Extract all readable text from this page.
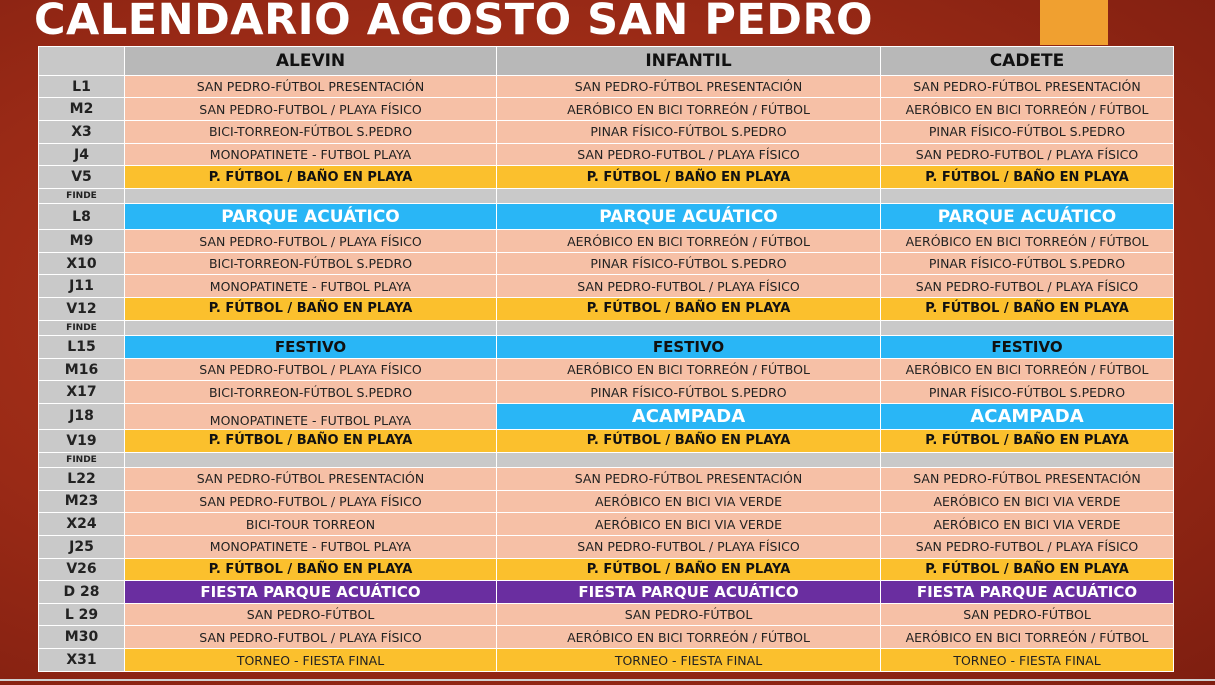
CALENDARIO AGOSTO SAN PEDRO
	ALEVIN	INFANTIL	CADETE
L1	SAN PEDRO-FÚTBOL PRESENTACIÓN	SAN PEDRO-FÚTBOL PRESENTACIÓN	SAN PEDRO-FÚTBOL PRESENTACIÓN
M2	SAN PEDRO-FUTBOL / PLAYA FÍSICO	AERÓBICO EN BICI TORREÓN / FÚTBOL	AERÓBICO EN BICI TORREÓN / FÚTBOL
X3	BICI-TORREON-FÚTBOL S.PEDRO	PINAR FÍSICO-FÚTBOL S.PEDRO	PINAR FÍSICO-FÚTBOL S.PEDRO
J4	MONOPATINETE - FUTBOL PLAYA	SAN PEDRO-FUTBOL / PLAYA FÍSICO	SAN PEDRO-FUTBOL / PLAYA FÍSICO
V5	P. FÚTBOL / BAÑO EN PLAYA	P. FÚTBOL / BAÑO EN PLAYA	P. FÚTBOL / BAÑO EN PLAYA
FINDE			
L8	PARQUE ACUÁTICO	PARQUE ACUÁTICO	PARQUE ACUÁTICO
M9	SAN PEDRO-FUTBOL / PLAYA FÍSICO	AERÓBICO EN BICI TORREÓN / FÚTBOL	AERÓBICO EN BICI TORREÓN / FÚTBOL
X10	BICI-TORREON-FÚTBOL S.PEDRO	PINAR FÍSICO-FÚTBOL S.PEDRO	PINAR FÍSICO-FÚTBOL S.PEDRO
J11	MONOPATINETE - FUTBOL PLAYA	SAN PEDRO-FUTBOL / PLAYA FÍSICO	SAN PEDRO-FUTBOL / PLAYA FÍSICO
V12	P. FÚTBOL / BAÑO EN PLAYA	P. FÚTBOL / BAÑO EN PLAYA	P. FÚTBOL / BAÑO EN PLAYA
FINDE			
L15	FESTIVO	FESTIVO	FESTIVO
M16	SAN PEDRO-FUTBOL / PLAYA FÍSICO	AERÓBICO EN BICI TORREÓN / FÚTBOL	AERÓBICO EN BICI TORREÓN / FÚTBOL
X17	BICI-TORREON-FÚTBOL S.PEDRO	PINAR FÍSICO-FÚTBOL S.PEDRO	PINAR FÍSICO-FÚTBOL S.PEDRO
J18	MONOPATINETE - FUTBOL PLAYA	ACAMPADA	ACAMPADA
V19	P. FÚTBOL / BAÑO EN PLAYA	P. FÚTBOL / BAÑO EN PLAYA	P. FÚTBOL / BAÑO EN PLAYA
FINDE			
L22	SAN PEDRO-FÚTBOL PRESENTACIÓN	SAN PEDRO-FÚTBOL PRESENTACIÓN	SAN PEDRO-FÚTBOL PRESENTACIÓN
M23	SAN PEDRO-FUTBOL / PLAYA FÍSICO	AERÓBICO EN BICI VIA VERDE	AERÓBICO EN BICI VIA VERDE
X24	BICI-TOUR TORREON	AERÓBICO EN BICI VIA VERDE	AERÓBICO EN BICI VIA VERDE
J25	MONOPATINETE - FUTBOL PLAYA	SAN PEDRO-FUTBOL / PLAYA FÍSICO	SAN PEDRO-FUTBOL / PLAYA FÍSICO
V26	P. FÚTBOL / BAÑO EN PLAYA	P. FÚTBOL / BAÑO EN PLAYA	P. FÚTBOL / BAÑO EN PLAYA
D 28	FIESTA PARQUE ACUÁTICO	FIESTA PARQUE ACUÁTICO	FIESTA PARQUE ACUÁTICO
L 29	SAN PEDRO-FÚTBOL	SAN PEDRO-FÚTBOL	SAN PEDRO-FÚTBOL
M30	SAN PEDRO-FUTBOL / PLAYA FÍSICO	AERÓBICO EN BICI TORREÓN / FÚTBOL	AERÓBICO EN BICI TORREÓN / FÚTBOL
X31	TORNEO - FIESTA FINAL	TORNEO - FIESTA FINAL	TORNEO - FIESTA FINAL
